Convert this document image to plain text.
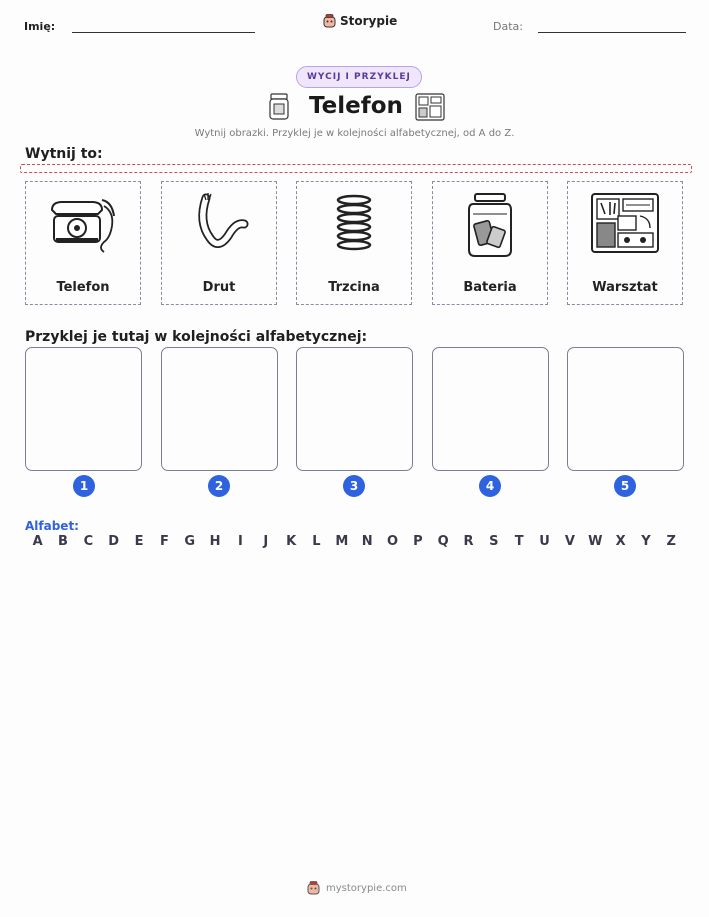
Imię:	Storypie	Data:
WYCIJ I PRZYKLEJ
Telefon
Wytnij obrazki. Przyklej je w kolejności alfabetycznej, od A do Z.
Wytnij to:
Telefon	Drut	Trzcina	Bateria	Warsztat
Przyklej je tutaj w kolejności alfabetycznej:
1	2	3	4	5
Alfabet:
A	B	C	D	E	F	G	H	I	J	K	L	M	N	O	P	Q	R	S	T	U	V	W	X	Y	Z
mystorypie.com
